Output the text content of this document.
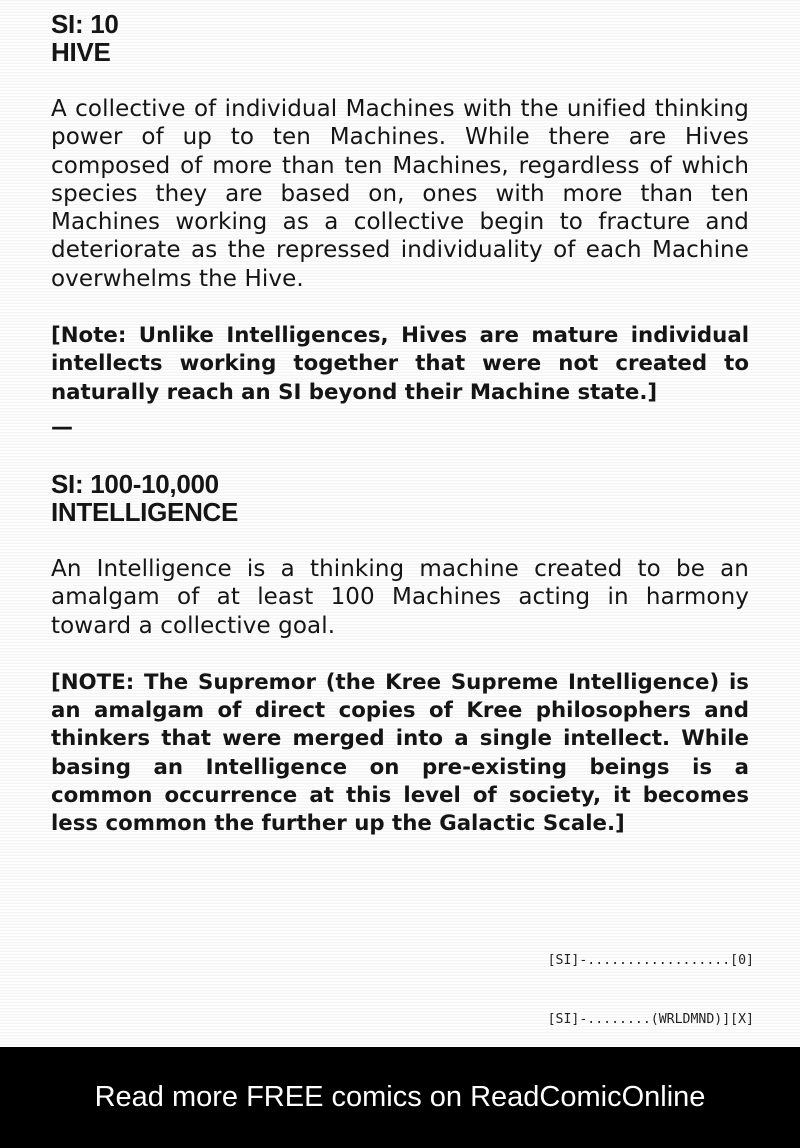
SI: 10
HIVE
A collective of individual Machines with the unified thinking power of up to ten Machines. While there are Hives composed of more than ten Machines, regardless of which species they are based on, ones with more than ten Machines working as a collective begin to fracture and deteriorate as the repressed individuality of each Machine overwhelms the Hive.
[Note: Unlike Intelligences, Hives are mature individual intellects working together that were not created to naturally reach an SI beyond their Machine state.]
—
SI: 100-10,000
INTELLIGENCE
An Intelligence is a thinking machine created to be an amalgam of at least 100 Machines acting in harmony toward a collective goal.
[NOTE: The Supremor (the Kree Supreme Intelligence) is an amalgam of direct copies of Kree philosophers and thinkers that were merged into a single intellect. While basing an Intelligence on pre-existing beings is a common occurrence at this level of society, it becomes less common the further up the Galactic Scale.]

[SI]-..................[0]

[SI]-........(WRLDMND)][X]

Read more FREE comics on ReadComicOnline
